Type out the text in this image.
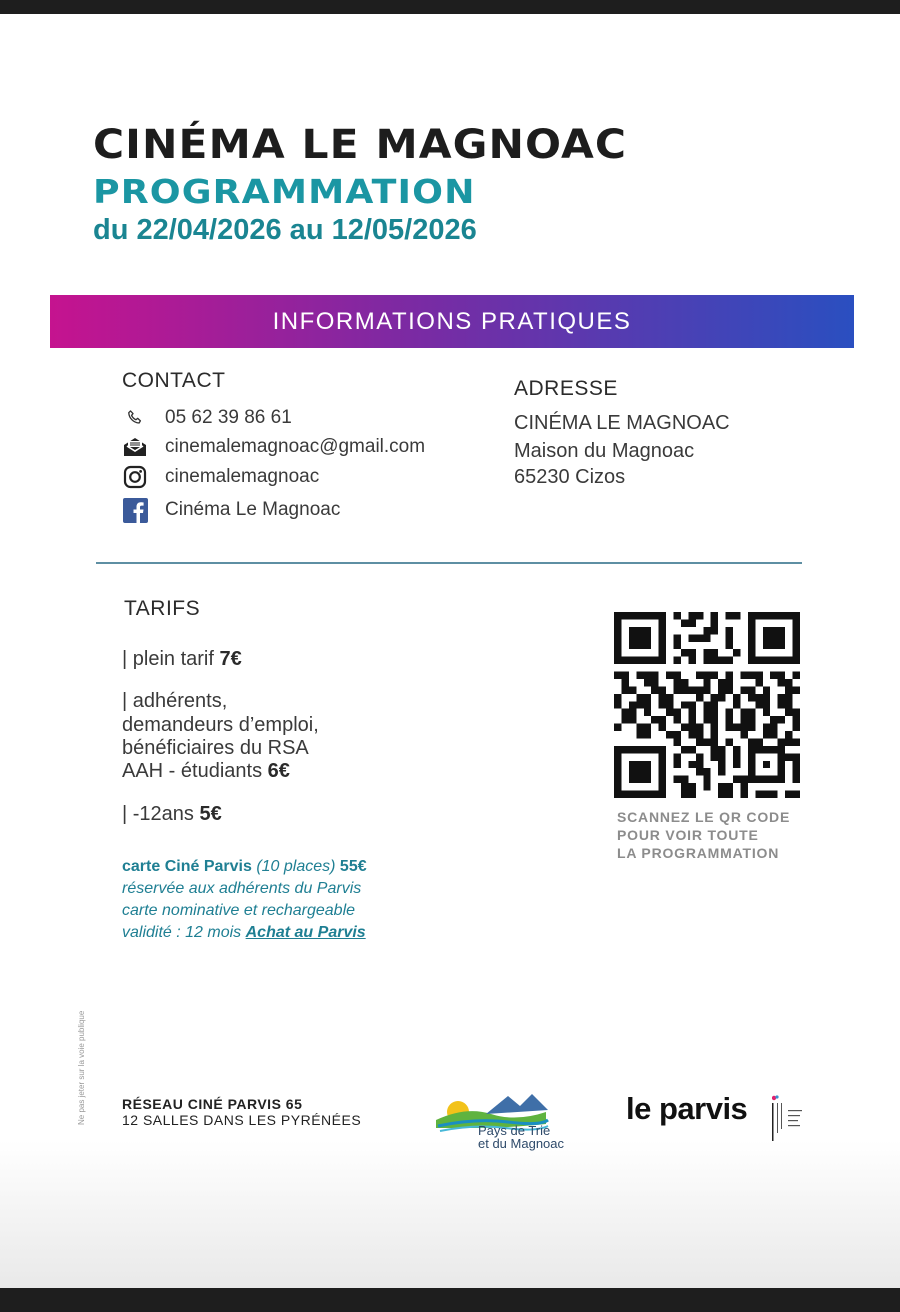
CINÉMA LE MAGNOAC
PROGRAMMATION
du 22/04/2026 au 12/05/2026
INFORMATIONS PRATIQUES
CONTACT
05 62 39 86 61
cinemalemagnoac@gmail.com
cinemalemagnoac
Cinéma Le Magnoac
ADRESSE
CINÉMA LE MAGNOAC
Maison du Magnoac
65230 Cizos
TARIFS
| plein tarif 7€
| adhérents,
demandeurs d’emploi,
bénéficiaires du RSA
AAH - étudiants 6€
| -12ans 5€
carte Ciné Parvis (10 places) 55€
réservée aux adhérents du Parvis
carte nominative et rechargeable
validité : 12 mois Achat au Parvis
SCANNEZ LE QR CODE
POUR VOIR TOUTE
LA PROGRAMMATION
Ne pas jeter sur la voie publique	RÉSEAU CINÉ PARVIS 65
12 SALLES DANS LES PYRÉNÉES
Pays de Trie
et du Magnoac
le parvis
